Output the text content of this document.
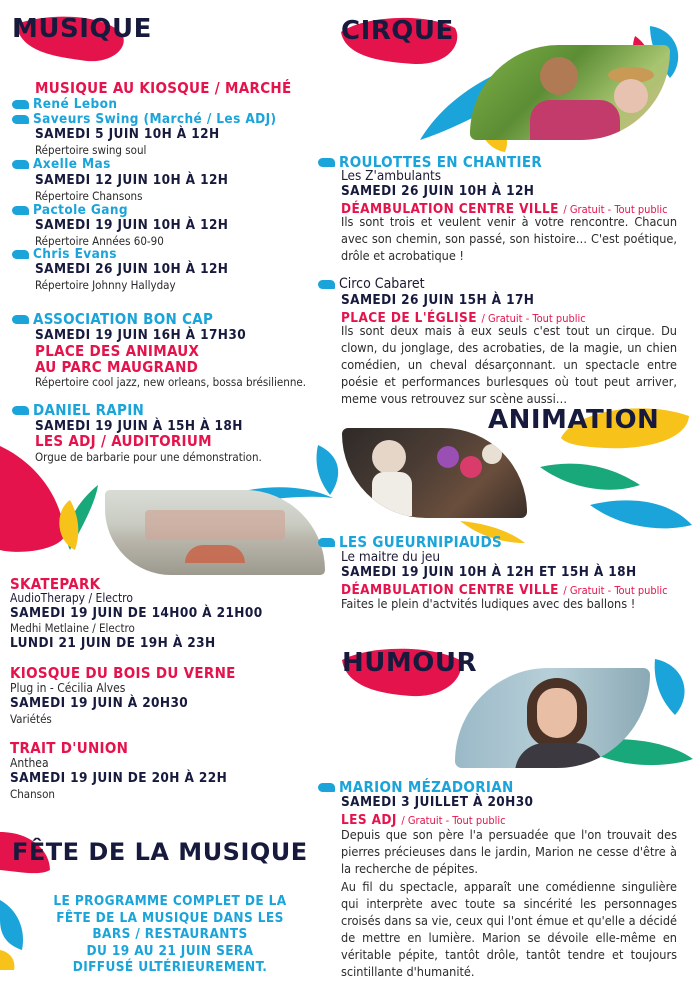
MUSIQUE
MUSIQUE AU KIOSQUE / MARCHÉ
René Lebon
Saveurs Swing (Marché / Les ADJ)
SAMEDI 5 JUIN 10H À 12H
Répertoire swing soul
Axelle Mas
SAMEDI 12 JUIN 10H À 12H
Répertoire Chansons
Pactole Gang
SAMEDI 19 JUIN 10H À 12H
Répertoire Années 60-90
Chris Evans
SAMEDI 26 JUIN 10H À 12H
Répertoire Johnny Hallyday
ASSOCIATION BON CAP
SAMEDI 19 JUIN 16H À 17H30
PLACE DES ANIMAUX
AU PARC MAUGRAND
Répertoire cool jazz, new orleans, bossa brésilienne.
DANIEL RAPIN
SAMEDI 19 JUIN À 15H À 18H
LES ADJ / AUDITORIUM
Orgue de barbarie pour une démonstration.
SKATEPARK
AudioTherapy / Electro
SAMEDI 19 JUIN DE 14H00 À 21H00
Medhi Metlaine / Electro
LUNDI 21 JUIN DE 19H À 23H
KIOSQUE DU BOIS DU VERNE
Plug in - Cécilia Alves
SAMEDI 19 JUIN À 20H30
Variétés
TRAIT D'UNION
Anthea
SAMEDI 19 JUIN DE 20H À 22H
Chanson
FÊTE DE LA MUSIQUE
LE PROGRAMME COMPLET DE LA
FÊTE DE LA MUSIQUE DANS LES
BARS / RESTAURANTS
DU 19 AU 21 JUIN SERA
DIFFUSÉ ULTÉRIEUREMENT.
CIRQUE
ROULOTTES EN CHANTIER
Les Z'ambulants
SAMEDI 26 JUIN 10H À 12H
DÉAMBULATION CENTRE VILLE / Gratuit - Tout public
Ils sont trois et veulent venir à votre rencontre. Chacun avec son chemin, son passé, son histoire… C'est poétique, drôle et acrobatique !
Circo Cabaret
SAMEDI 26 JUIN 15H À 17H
PLACE DE L'ÉGLISE / Gratuit - Tout public
Ils sont deux mais à eux seuls c'est tout un cirque. Du clown, du jonglage, des acrobaties, de la magie, un chien comédien, un cheval désarçonnant. un spectacle entre poésie et performances burlesques où tout peut arriver, meme vous retrouvez sur scène aussi…
ANIMATION
LES GUEURNIPIAUDS
Le maitre du jeu
SAMEDI 19 JUIN 10H À 12H ET 15H À 18H
DÉAMBULATION CENTRE VILLE / Gratuit - Tout public
Faites le plein d'actvités ludiques avec des ballons !
HUMOUR
MARION MÉZADORIAN
SAMEDI 3 JUILLET À 20H30
LES ADJ / Gratuit - Tout public
Depuis que son père l'a persuadée que l'on trouvait des pierres précieuses dans le jardin, Marion ne cesse d'être à la recherche de pépites.
Au fil du spectacle, apparaît une comédienne singulière qui interprète avec toute sa sincérité les personnages croisés dans sa vie, ceux qui l'ont émue et qu'elle a décidé de mettre en lumière. Marion se dévoile elle-même en véritable pépite, tantôt drôle, tantôt tendre et toujours scintillante d'humanité.
